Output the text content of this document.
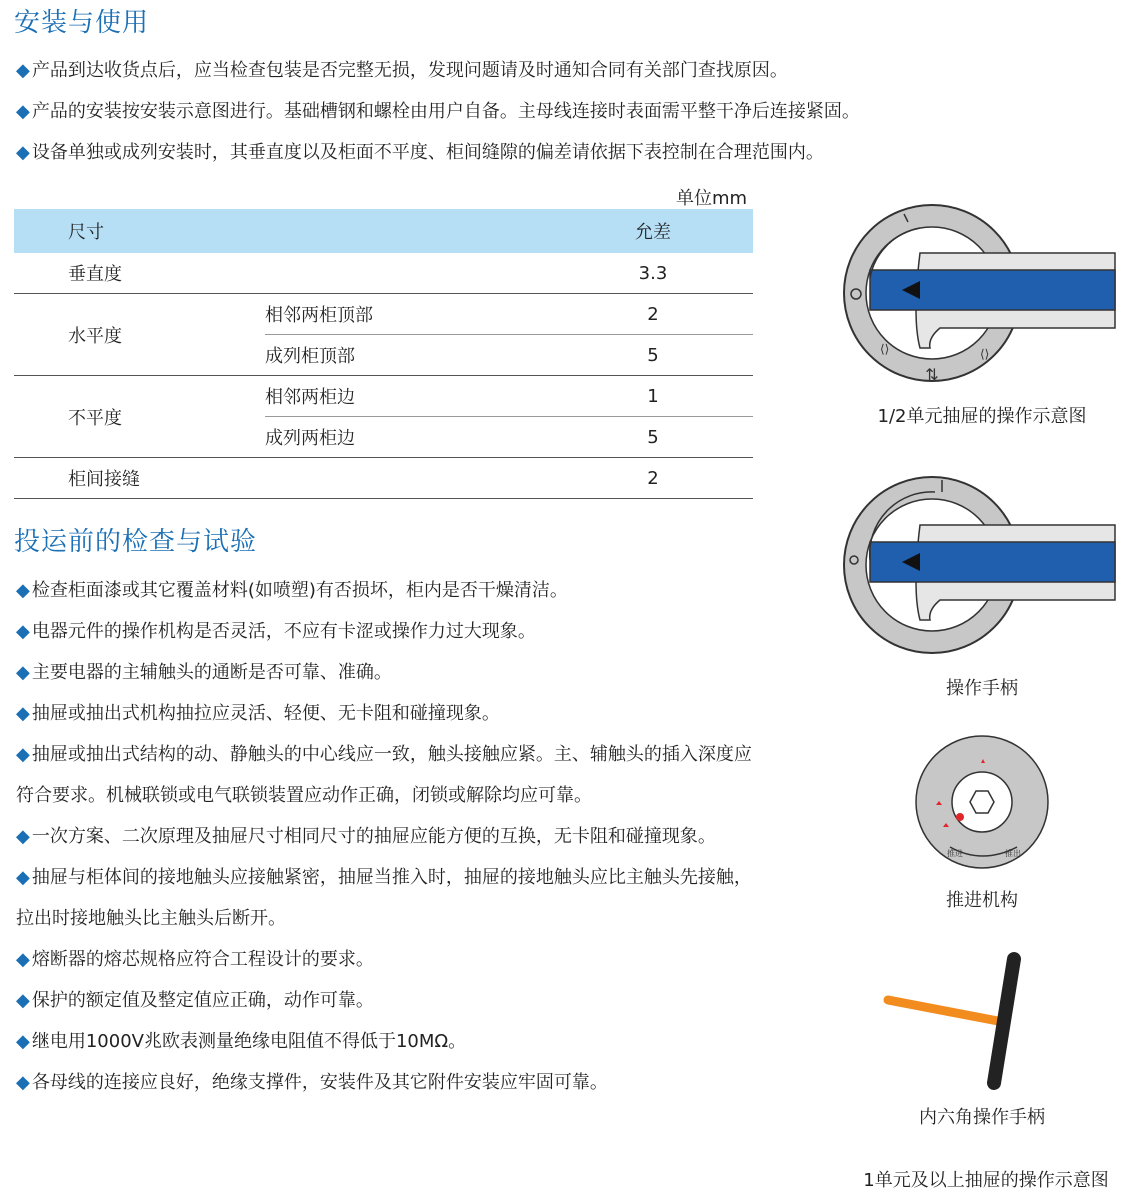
安装与使用

◆ 产品到达收货点后，应当检查包装是否完整无损，发现问题请及时通知合同有关部门查找原因。

◆ 产品的安装按安装示意图进行。基础槽钢和螺栓由用户自备。主母线连接时表面需平整干净后连接紧固。

◆ 设备单独或成列安装时，其垂直度以及柜面不平度、柜间缝隙的偏差请依据下表控制在合理范围内。

单位mm
尺寸		允差
垂直度		3.3
水平度	相邻两柜顶部	2
	成列柜顶部	5
不平度	相邻两柜边	1
	成列两柜边	5
柜间接缝		2
投运前的检查与试验
◆ 检查柜面漆或其它覆盖材料(如喷塑)有否损坏，柜内是否干燥清洁。
◆ 电器元件的操作机构是否灵活，不应有卡涩或操作力过大现象。
◆ 主要电器的主辅触头的通断是否可靠、准确。
◆ 抽屉或抽出式机构抽拉应灵活、轻便、无卡阻和碰撞现象。
◆ 抽屉或抽出式结构的动、静触头的中心线应一致，触头接触应紧。主、辅触头的插入深度应符合要求。机械联锁或电气联锁装置应动作正确，闭锁或解除均应可靠。
◆ 一次方案、二次原理及抽屉尺寸相同尺寸的抽屉应能方便的互换，无卡阻和碰撞现象。
◆ 抽屉与柜体间的接地触头应接触紧密，抽屉当推入时，抽屉的接地触头应比主触头先接触，拉出时接地触头比主触头后断开。
◆ 熔断器的熔芯规格应符合工程设计的要求。
◆ 保护的额定值及整定值应正确，动作可靠。
◆ 继电用1000V兆欧表测量绝缘电阻值不得低于10MΩ。
◆ 各母线的连接应良好，绝缘支撑件，安装件及其它附件安装应牢固可靠。
⟨⟩	⟨⟩
⇅
1/2单元抽屉的操作示意图
操作手柄
推进	推出
推进机构
内六角操作手柄
1单元及以上抽屉的操作示意图
